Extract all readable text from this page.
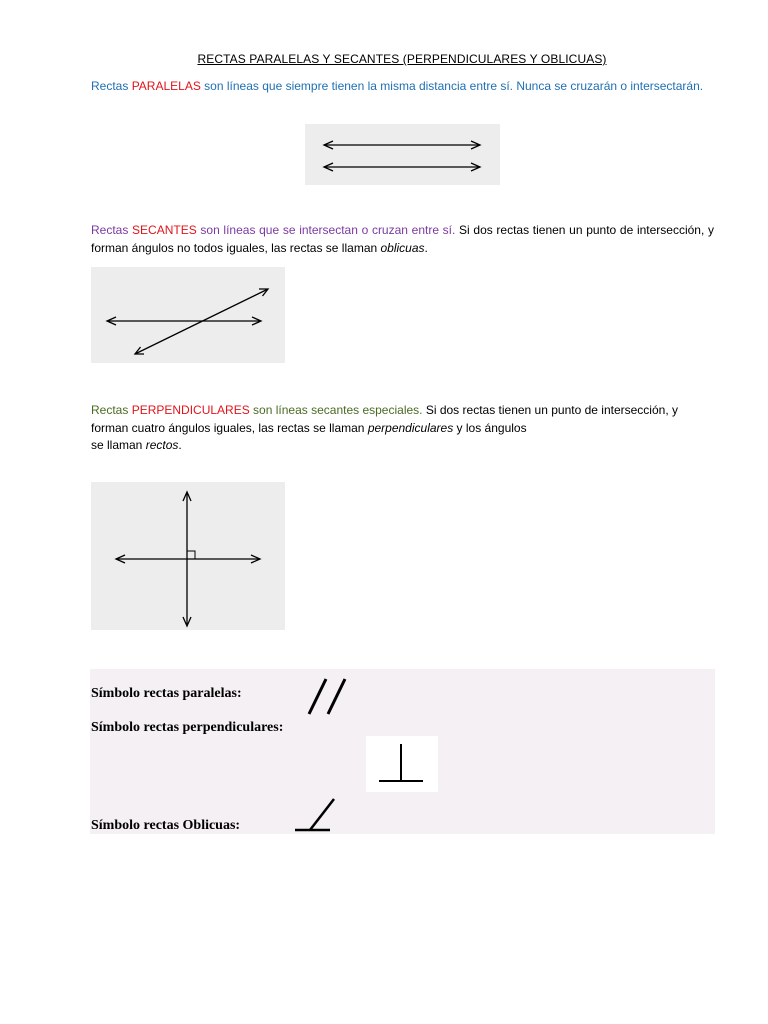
RECTAS PARALELAS Y SECANTES (PERPENDICULARES Y OBLICUAS)
Rectas PARALELAS son líneas que siempre tienen la misma distancia entre sí. Nunca se cruzarán o intersectarán.
Rectas SECANTES son líneas que se intersectan o cruzan entre sí. Si dos rectas tienen un punto de intersección, y forman ángulos no todos iguales, las rectas se llaman oblicuas.
Rectas PERPENDICULARES son líneas secantes especiales. Si dos rectas tienen un punto de intersección, y forman cuatro ángulos iguales, las rectas se llaman perpendiculares y los ángulos
se llaman rectos.
Símbolo rectas paralelas:
Símbolo rectas perpendiculares:
Símbolo rectas Oblicuas:
